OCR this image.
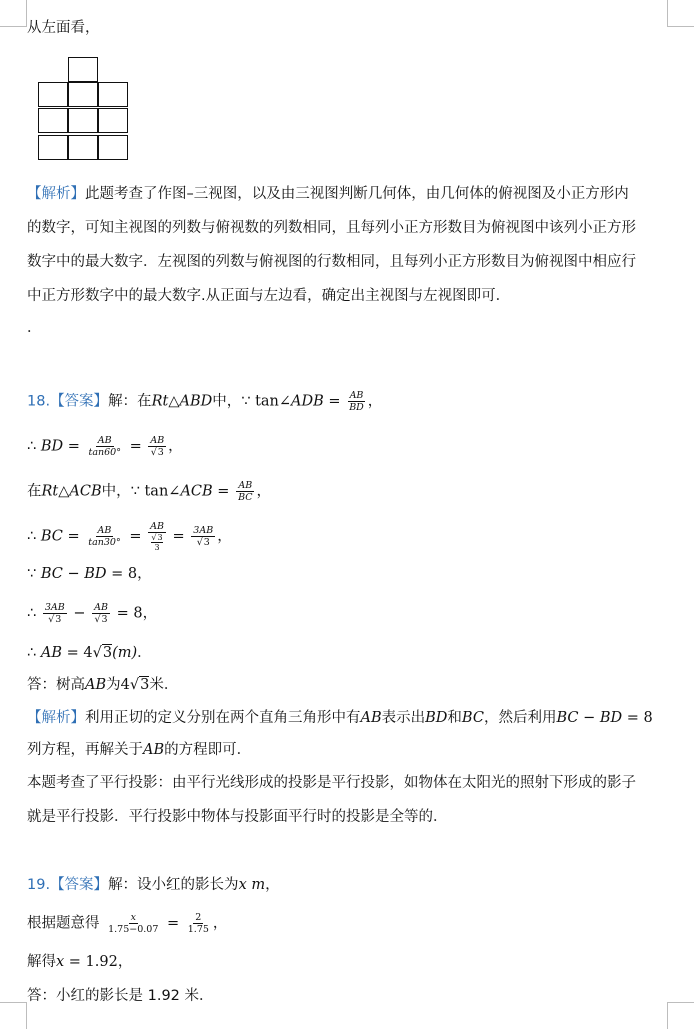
从左面看，
【解析】此题考查了作图–三视图，以及由三视图判断几何体，由几何体的俯视图及小正方形内
的数字，可知主视图的列数与俯视数的列数相同，且每列小正方形数目为俯视图中该列小正方形
数字中的最大数字．左视图的列数与俯视图的行数相同，且每列小正方形数目为俯视图中相应行
中正方形数字中的最大数字.从正面与左边看，确定出主视图与左视图即可．
．
18.【答案】解：在Rt△ABD中，∵ tan∠ADB = $\frac{AB}{BD}$ ，
∴ BD = $\frac{AB}{\tan 60^\circ} = \frac{AB}{√3}$ ，
在Rt△ACB中，∵ tan∠ACB = $\frac{AB}{BC}$ ，
∴ BC = $\frac{AB}{\tan 30^\circ}$ = AB
√3
$3 = \frac{3AB}{√3}$ ，
∵ BC − BD = 8，
∴ $\frac{3AB}{√3} - \frac{AB}{√3} = 8$，
∴ AB = 4√3(m)．
答：树高AB为4√3米．
【解析】利用正切的定义分别在两个直角三角形中有AB表示出BD和BC，然后利用BC − BD = 8
列方程，再解关于AB的方程即可．
本题考查了平行投影：由平行光线形成的投影是平行投影，如物体在太阳光的照射下形成的影子
就是平行投影．平行投影中物体与投影面平行时的投影是全等的．
19.【答案】解：设小红的影长为x m，
根据题意得 $\frac{x}{1.75-0.07} = \frac{2}{1.75}$ ，
解得x = 1.92，
答：小红的影长是 1.92 米．
